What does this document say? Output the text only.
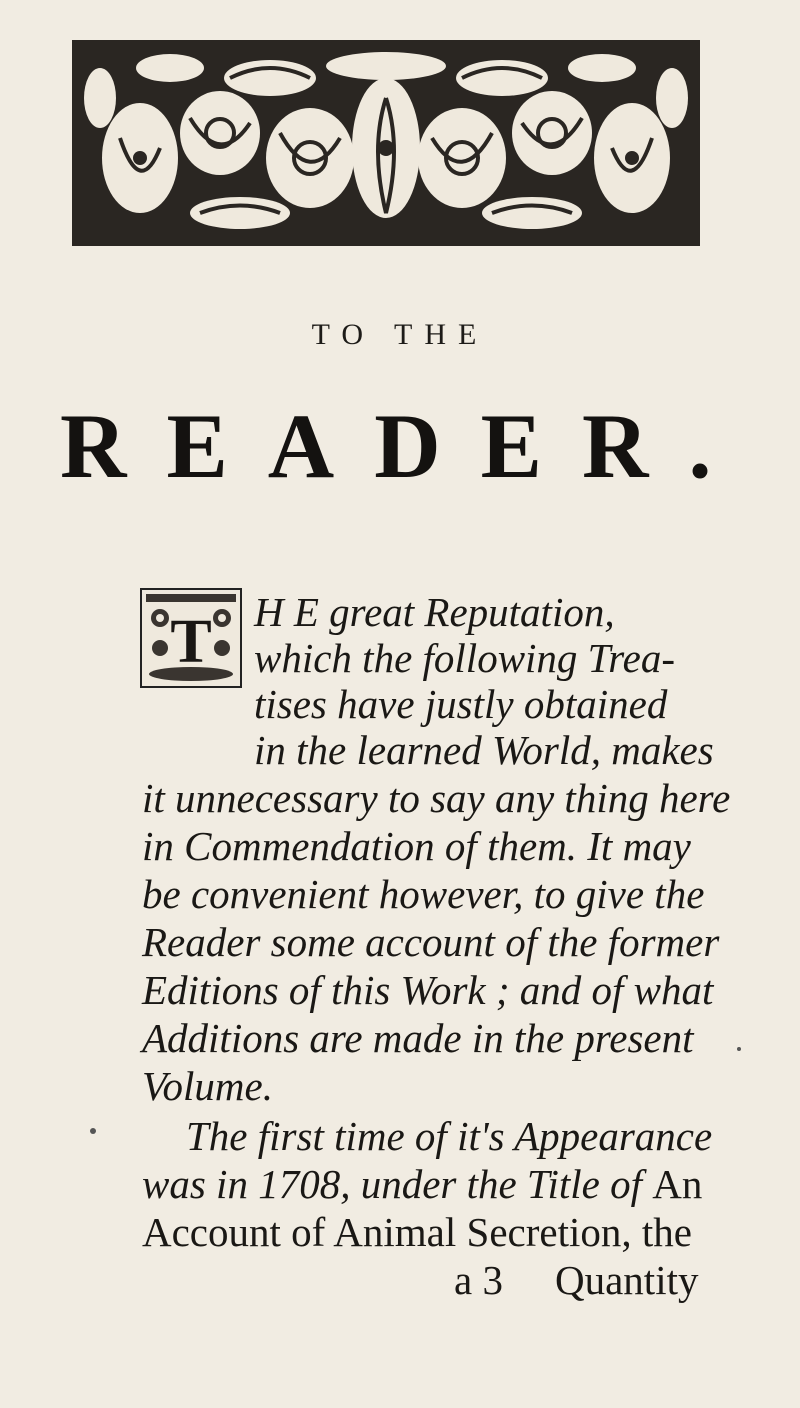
TO THE
READER.
T H E great Reputation,
which the following Trea-
tises have justly obtained
in the learned World, makes
it unnecessary to say any thing here
in Commendation of them. It may
be convenient however, to give the
Reader some account of the former
Editions of this Work ; and of what
Additions are made in the present
Volume.
The first time of it's Appearance
was in 1708, under the Title of An
Account of Animal Secretion, the
a 3 Quantity
